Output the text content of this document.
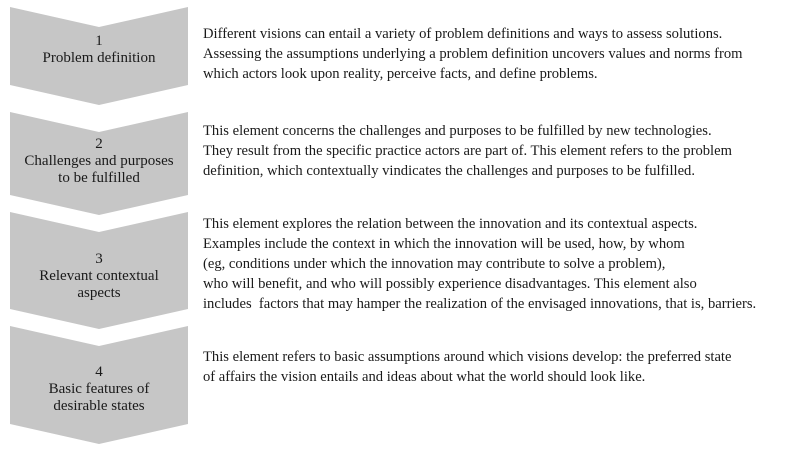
1
Problem definition
2
Challenges and purposes
to be fulfilled
3
Relevant contextual
aspects
4
Basic features of
desirable states
Different visions can entail a variety of problem definitions and ways to assess solutions.
Assessing the assumptions underlying a problem definition uncovers values and norms from
which actors look upon reality, perceive facts, and define problems.
This element concerns the challenges and purposes to be fulfilled by new technologies.
They result from the specific practice actors are part of. This element refers to the problem
definition, which contextually vindicates the challenges and purposes to be fulfilled.
This element explores the relation between the innovation and its contextual aspects.
Examples include the context in which the innovation will be used, how, by whom
(eg, conditions under which the innovation may contribute to solve a problem),
who will benefit, and who will possibly experience disadvantages. This element also
includes  factors that may hamper the realization of the envisaged innovations, that is, barriers.
This element refers to basic assumptions around which visions develop: the preferred state
of affairs the vision entails and ideas about what the world should look like.
